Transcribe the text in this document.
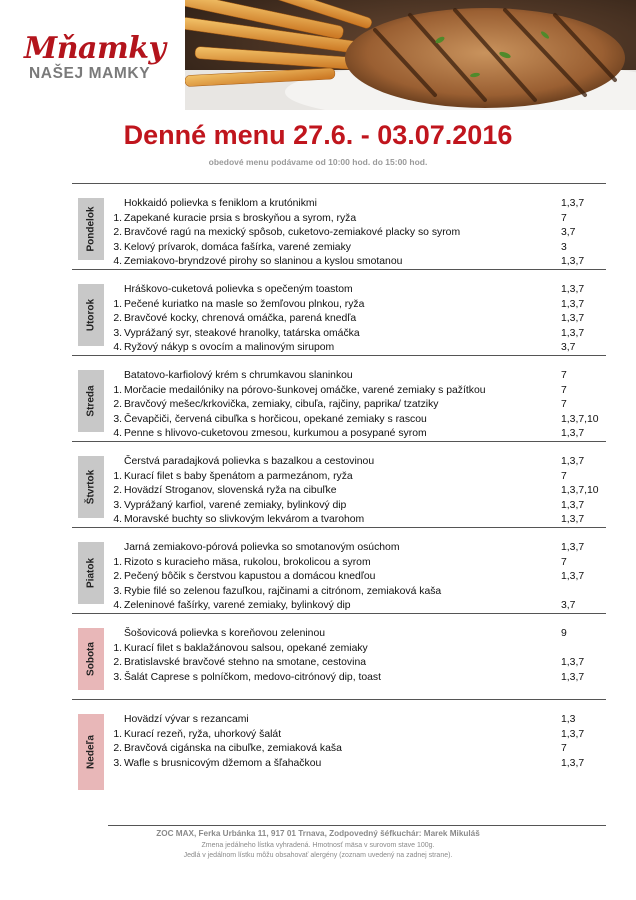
Mňamky
NAŠEJ MAMKY
Denné menu 27.6. - 03.07.2016
obedové menu podávame od 10:00 hod. do 15:00 hod.
Pondelok
Hokkaidó polievka s feniklom a krutónikmi	1,3,7
1. Zapekané kuracie prsia s broskyňou a syrom, ryža	7
2. Bravčové ragú na mexický spôsob, cuketovo-zemiakové placky so syrom	3,7
3. Kelový prívarok, domáca fašírka, varené zemiaky	3
4. Zemiakovo-bryndzové pirohy so slaninou a kyslou smotanou	1,3,7
Utorok
Hráškovo-cuketová polievka s opečeným toastom	1,3,7
1. Pečené kuriatko na masle so žemľovou plnkou, ryža	1,3,7
2. Bravčové kocky, chrenová omáčka, parená knedľa	1,3,7
3. Vyprážaný syr, steakové hranolky, tatárska omáčka	1,3,7
4. Ryžový nákyp s ovocím a malinovým sirupom	3,7
Streda
Batatovo-karfiolový krém s chrumkavou slaninkou	7
1. Morčacie medailóniky na pórovo-šunkovej omáčke, varené zemiaky s pažítkou	7
2. Bravčový mešec/krkovička, zemiaky, cibuľa, rajčiny, paprika/ tzatziky	7
3. Čevapčiči, červená cibuľka s horčicou, opekané zemiaky s rascou	1,3,7,10
4. Penne s hlivovo-cuketovou zmesou, kurkumou a posypané syrom	1,3,7
Štvrtok
Čerstvá paradajková polievka s bazalkou a cestovinou	1,3,7
1. Kurací filet s baby špenátom a parmezánom, ryža	7
2. Hovädzí Stroganov, slovenská ryža na cibuľke	1,3,7,10
3. Vyprážaný karfiol, varené zemiaky, bylinkový dip	1,3,7
4. Moravské buchty so slivkovým lekvárom a tvarohom	1,3,7
Piatok
Jarná zemiakovo-pórová polievka so smotanovým osúchom	1,3,7
1. Rizoto s kuracieho mäsa, rukolou, brokolicou a syrom	7
2. Pečený bôčik s čerstvou kapustou a domácou knedľou	1,3,7
3. Rybie filé so zelenou fazuľkou, rajčinami a citrónom, zemiaková kaša
4. Zeleninové fašírky, varené zemiaky, bylinkový dip	3,7
Sobota
Šošovicová polievka s koreňovou zeleninou	9
1. Kurací filet s baklažánovou salsou, opekané zemiaky
2. Bratislavské bravčové stehno na smotane, cestovina	1,3,7
3. Šalát Caprese s polníčkom, medovo-citrónový dip, toast	1,3,7
Nedeľa
Hovädzí vývar s rezancami	1,3
1. Kurací rezeň, ryža, uhorkový šalát	1,3,7
2. Bravčová cigánska na cibuľke, zemiaková kaša	7
3. Wafle s brusnicovým džemom a šľahačkou	1,3,7
ZOC MAX, Ferka Urbánka 11, 917 01 Trnava, Zodpovedný šéfkuchár: Marek Mikuláš
Zmena jedálneho lístka vyhradená. Hmotnosť mäsa v surovom stave 100g.
Jedlá v jedálnom lístku môžu obsahovať alergény (zoznam uvedený na zadnej strane).
